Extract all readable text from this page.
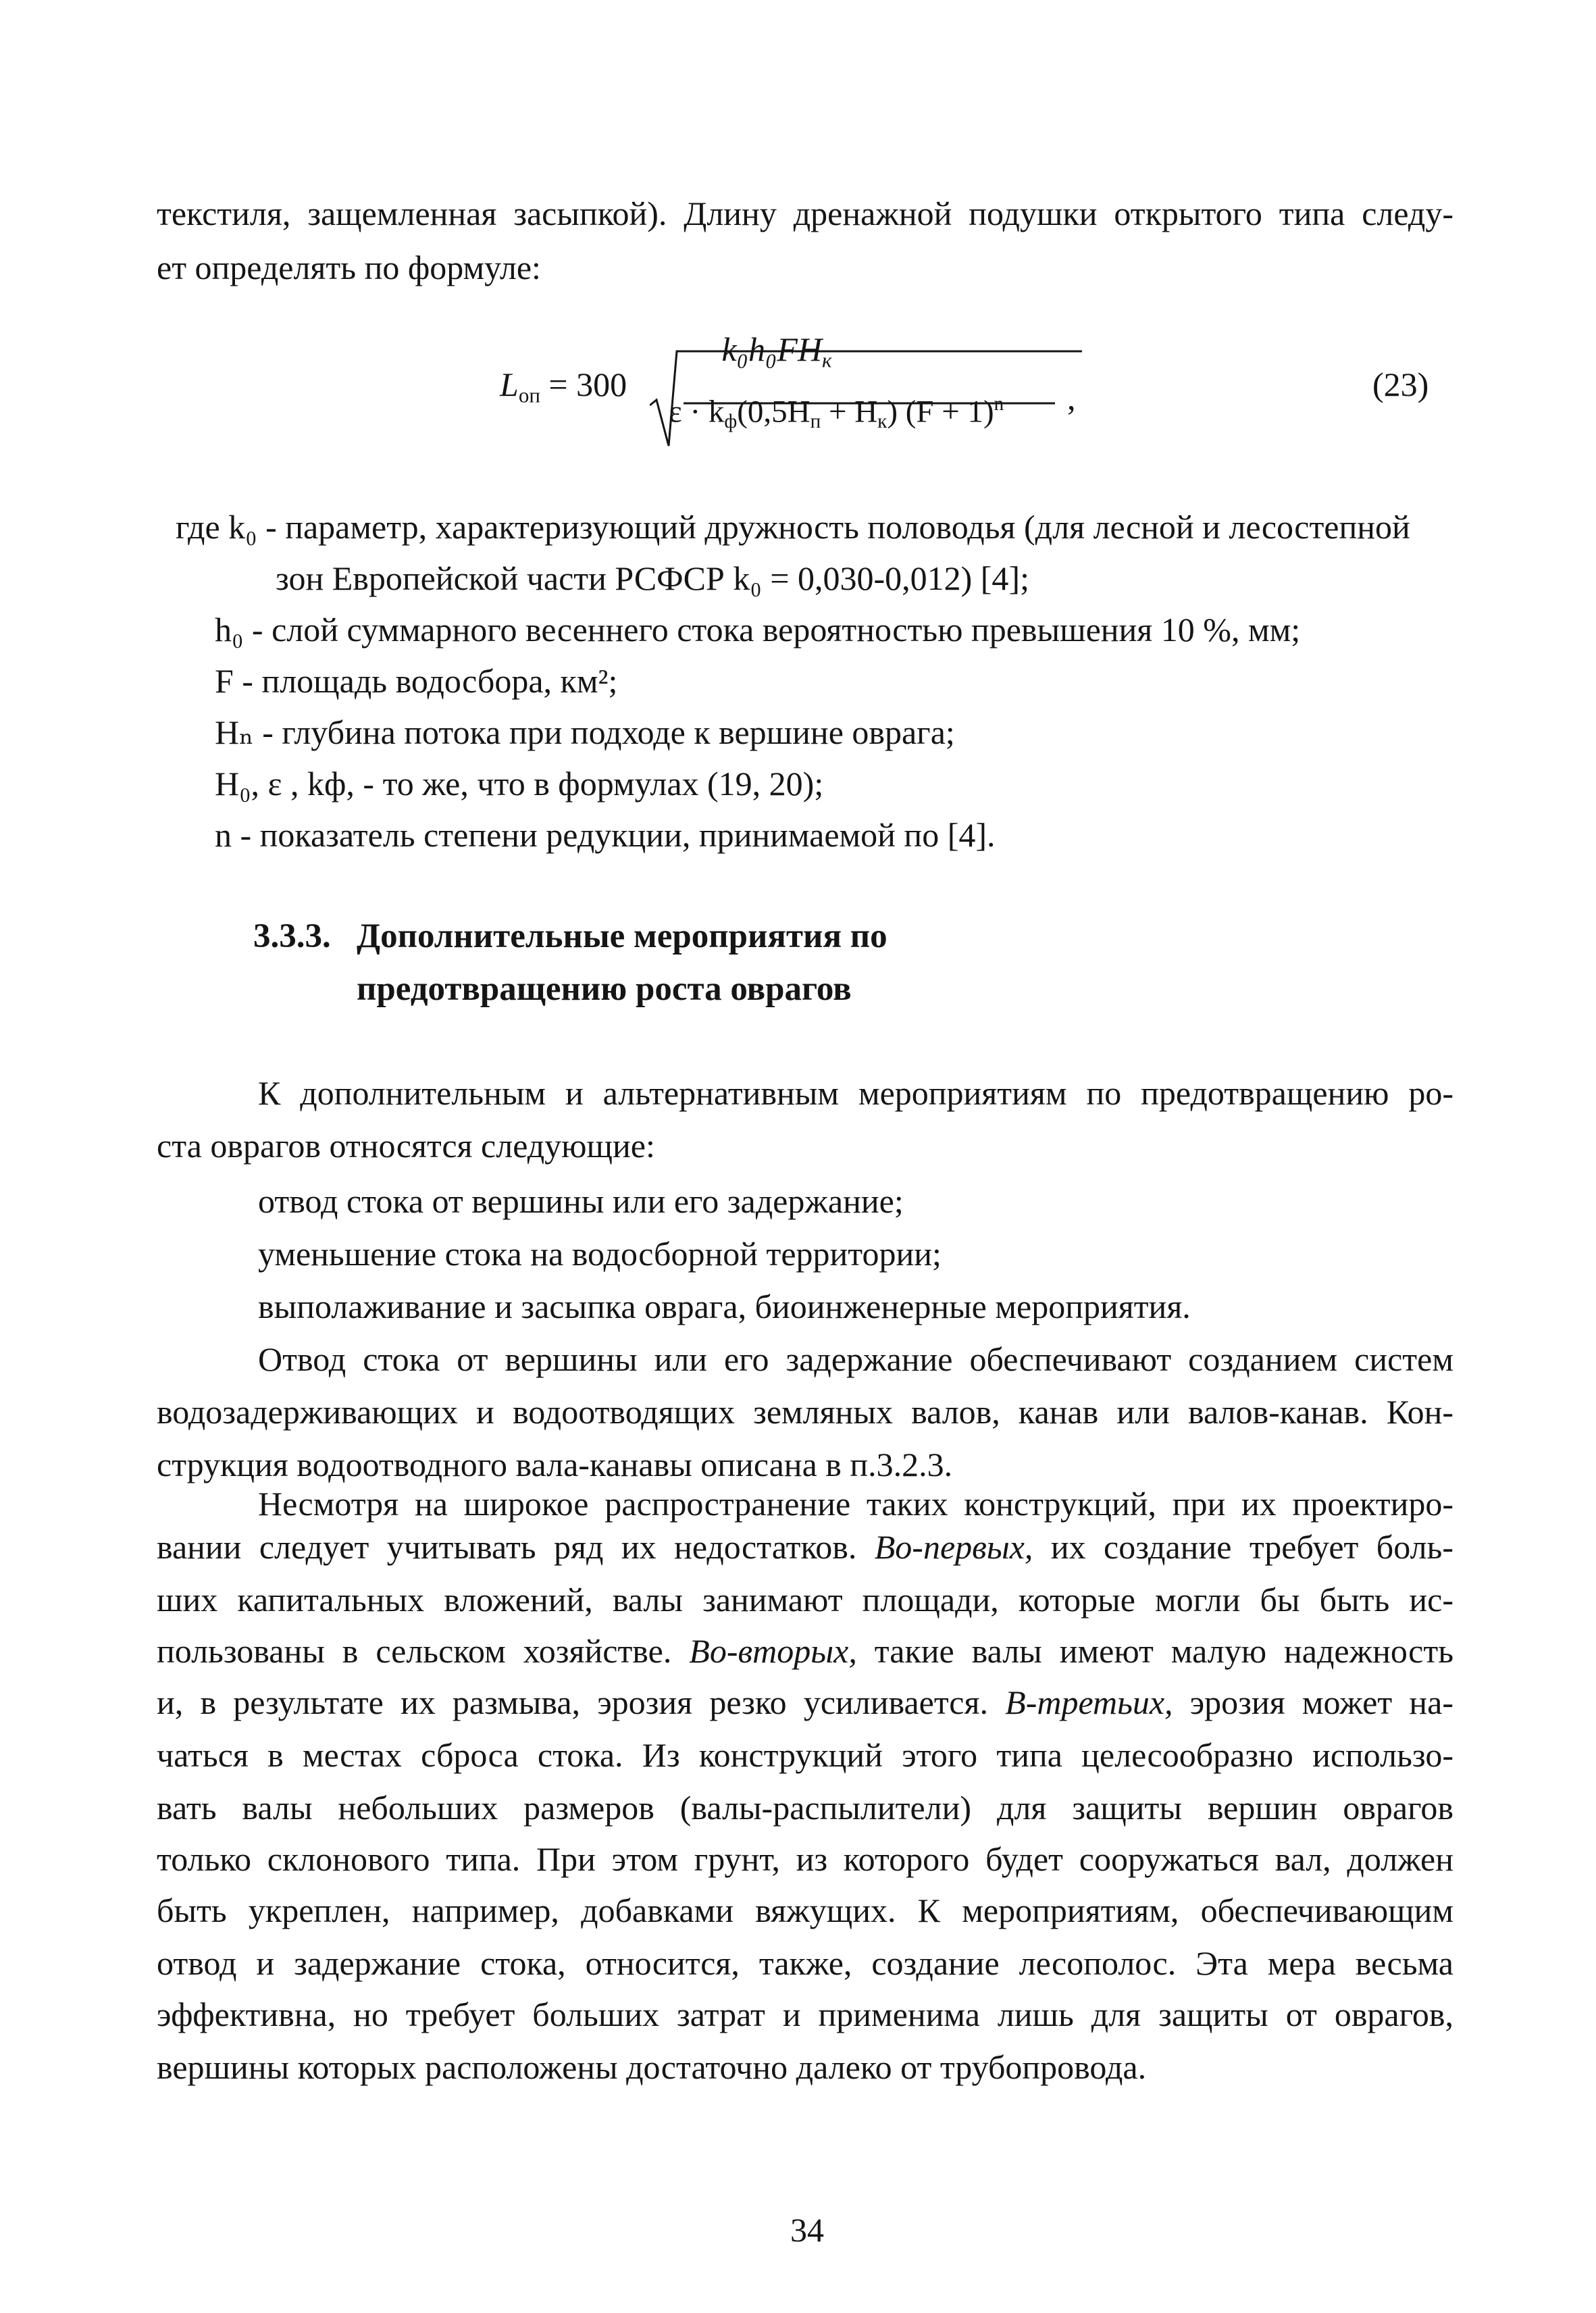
текстиля, защемленная засыпкой). Длину дренажной подушки открытого типа следу-
ет определять по формуле:
$L_{оп} = 300$
$k_0h_0FH_к$
$\varepsilon \cdot k_ф(0,5H_п + H_к) (F + 1)^n$ ,	(23)
где k₀ - параметр, характеризующий дружность половодья (для лесной и лесостепной
зон Европейской части РСФСР k₀ = 0,030-0,012) [4];
h₀ - слой суммарного весеннего стока вероятностью превышения 10 %, мм;
F - площадь водосбора, км²;
Hₙ - глубина потока при подходе к вершине оврага;
H₀, ε , kф, - то же, что в формулах (19, 20);
n - показатель степени редукции, принимаемой по [4].
3.3.3. Дополнительные мероприятия по
предотвращению роста оврагов
К дополнительным и альтернативным мероприятиям по предотвращению ро-
ста оврагов относятся следующие:
отвод стока от вершины или его задержание;
уменьшение стока на водосборной территории;
выполаживание и засыпка оврага, биоинженерные мероприятия.
Отвод стока от вершины или его задержание обеспечивают созданием систем
водозадерживающих и водоотводящих земляных валов, канав или валов-канав. Кон-
струкция водоотводного вала-канавы описана в п.3.2.3.
Несмотря на широкое распространение таких конструкций, при их проектиро-
вании следует учитывать ряд их недостатков. Во-первых, их создание требует боль-
ших капитальных вложений, валы занимают площади, которые могли бы быть ис-
пользованы в сельском хозяйстве. Во-вторых, такие валы имеют малую надежность
и, в результате их размыва, эрозия резко усиливается. В-третьих, эрозия может на-
чаться в местах сброса стока. Из конструкций этого типа целесообразно использо-
вать валы небольших размеров (валы-распылители) для защиты вершин оврагов
только склонового типа. При этом грунт, из которого будет сооружаться вал, должен
быть укреплен, например, добавками вяжущих. К мероприятиям, обеспечивающим
отвод и задержание стока, относится, также, создание лесополос. Эта мера весьма
эффективна, но требует больших затрат и применима лишь для защиты от оврагов,
вершины которых расположены достаточно далеко от трубопровода.
34
